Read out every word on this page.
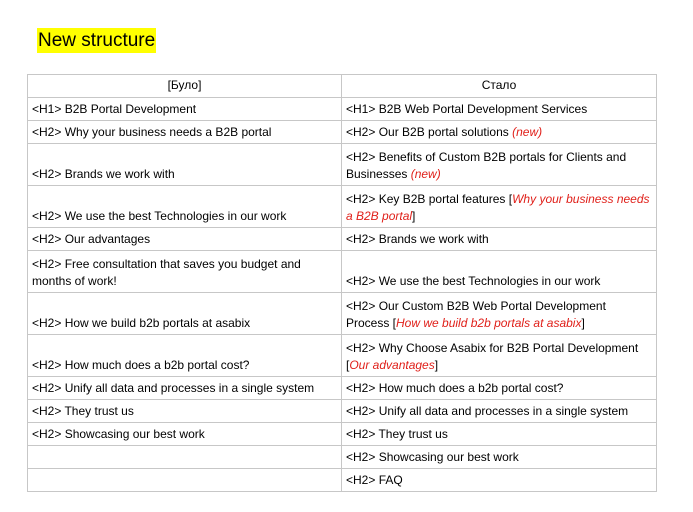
New structure
[Було]	Стало
<H1> B2B Portal Development	<H1> B2B Web Portal Development Services
<H2> Why your business needs a B2B portal	<H2> Our B2B portal solutions (new)
<H2> Brands we work with	<H2> Benefits of Custom B2B portals for Clients and Businesses (new)
<H2> We use the best Technologies in our work	<H2> Key B2B portal features [Why your business needs a B2B portal]
<H2> Our advantages	<H2> Brands we work with
<H2> Free consultation that saves you budget and months of work!	<H2> We use the best Technologies in our work
<H2> How we build b2b portals at asabix	<H2> Our Custom B2B Web Portal Development Process [How we build b2b portals at asabix]
<H2> How much does a b2b portal cost?	<H2> Why Choose Asabix for B2B Portal Development [Our advantages]
<H2> Unify all data and processes in a single system	<H2> How much does a b2b portal cost?
<H2> They trust us	<H2> Unify all data and processes in a single system
<H2> Showcasing our best work	<H2> They trust us
	<H2> Showcasing our best work
	<H2> FAQ
